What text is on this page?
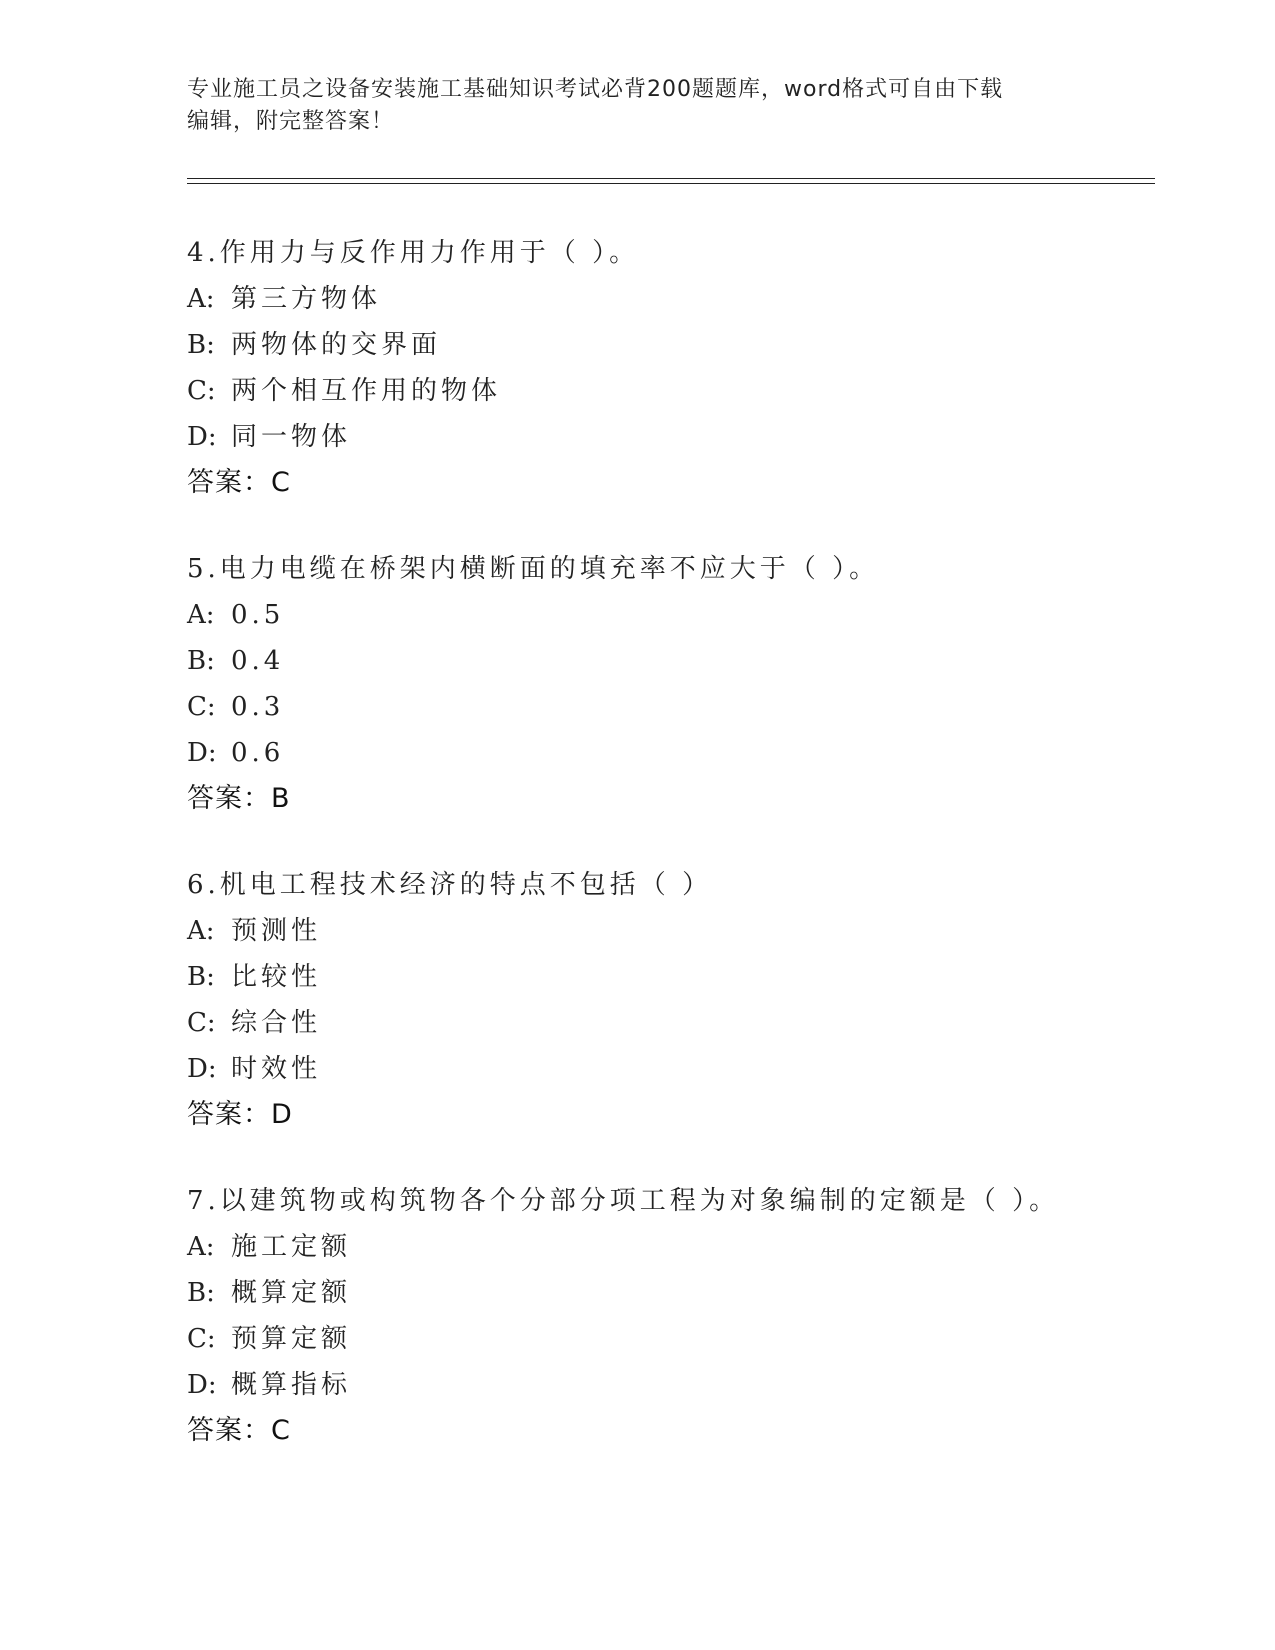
专业施工员之设备安装施工基础知识考试必背200题题库，word格式可自由下载
编辑，附完整答案！
4.作用力与反作用力作用于（ ）。
A: 第三方物体
B: 两物体的交界面
C: 两个相互作用的物体
D: 同一物体
答案：C
5.电力电缆在桥架内横断面的填充率不应大于（ ）。
A: 0.5
B: 0.4
C: 0.3
D: 0.6
答案：B
6.机电工程技术经济的特点不包括（ ）
A: 预测性
B: 比较性
C: 综合性
D: 时效性
答案：D
7.以建筑物或构筑物各个分部分项工程为对象编制的定额是（ ）。
A: 施工定额
B: 概算定额
C: 预算定额
D: 概算指标
答案：C
